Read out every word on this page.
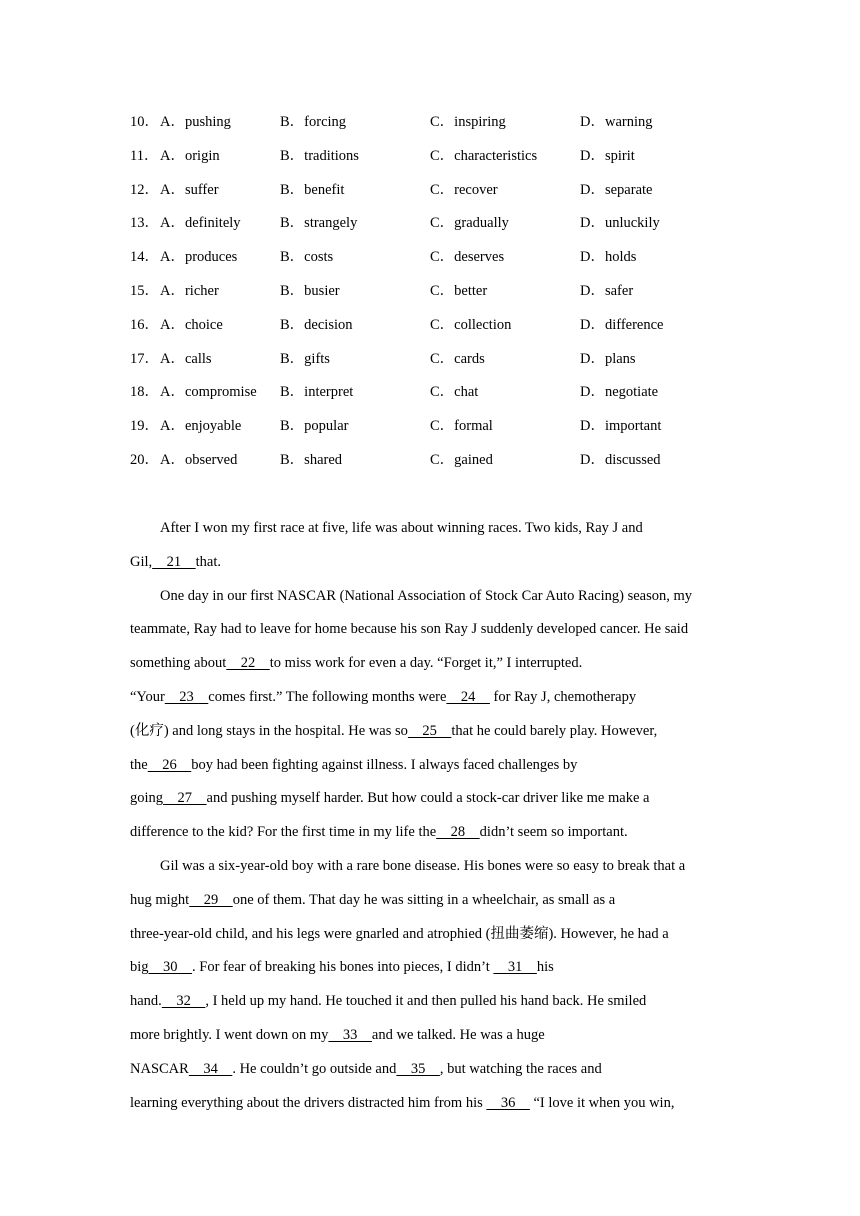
10． A．pushing	B．forcing	C．inspiring	D．warning
11． A．origin	B．traditions	C．characteristics	D．spirit
12． A．suffer	B．benefit	C．recover	D．separate
13． A．definitely	B．strangely	C．gradually	D．unluckily
14． A．produces	B．costs	C．deserves	D．holds
15． A．richer	B．busier	C．better	D．safer
16． A．choice	B．decision	C．collection	D．difference
17． A．calls	B．gifts	C．cards	D．plans
18． A．compromise B．interpret	C．chat	D．negotiate
19． A．enjoyable	B．popular	C．formal	D．important
20． A．observed	B．shared	C．gained	D．discussed
After I won my first race at five, life was about winning races. Two kids, Ray J and
Gil,    21    that.
One day in our first NASCAR (National Association of Stock Car Auto Racing) season, my
teammate, Ray had to leave for home because his son Ray J suddenly developed cancer. He said
something about    22    to miss work for even a day. “Forget it,” I interrupted.
“Your    23    comes first.” The following months were    24     for Ray J, chemotherapy
(化疗) and long stays in the hospital. He was so    25    that he could barely play. However,
the    26    boy had been fighting against illness. I always faced challenges by
going    27    and pushing myself harder. But how could a stock-car driver like me make a
difference to the kid? For the first time in my life the    28    didn’t seem so important.
Gil was a six-year-old boy with a rare bone disease. His bones were so easy to break that a
hug might    29    one of them. That day he was sitting in a wheelchair, as small as a
three-year-old child, and his legs were gnarled and atrophied (扭曲萎缩). However, he had a
big    30    . For fear of breaking his bones into pieces, I didn’t     31    his
hand.    32    , I held up my hand. He touched it and then pulled his hand back. He smiled
more brightly. I went down on my    33    and we talked. He was a huge
NASCAR    34    . He couldn’t go outside and    35    , but watching the races and
learning everything about the drivers distracted him from his     36     “I love it when you win,
